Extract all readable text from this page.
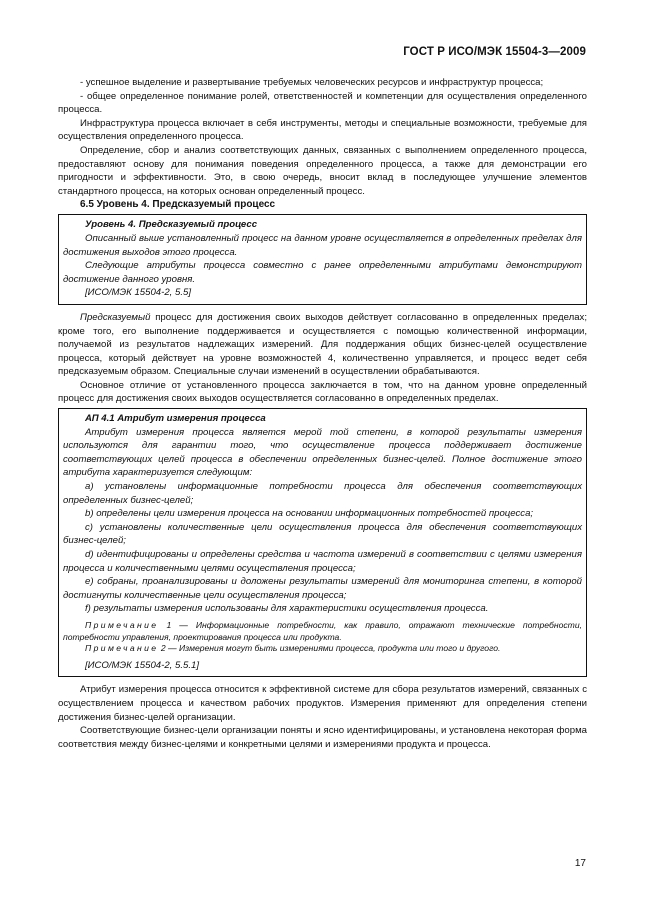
ГОСТ Р ИСО/МЭК 15504-3—2009

- успешное выделение и развертывание требуемых человеческих ресурсов и инфраструктур процесса;

- общее определенное понимание ролей, ответственностей и компетенции для осуществления определенного процесса.

Инфраструктура процесса включает в себя инструменты, методы и специальные возможности, требуемые для осуществления определенного процесса.

Определение, сбор и анализ соответствующих данных, связанных с выполнением определенного процесса, предоставляют основу для понимания поведения определенного процесса, а также для демонстрации его пригодности и эффективности. Это, в свою очередь, вносит вклад в последующее улучшение элементов стандартного процесса, на которых основан определенный процесс.

6.5 Уровень 4. Предсказуемый процесс

Уровень 4. Предсказуемый процесс

Описанный выше установленный процесс на данном уровне осуществляется в определенных пределах для достижения выходов этого процесса.

Следующие атрибуты процесса совместно с ранее определенными атрибутами демонстрируют достижение данного уровня.

[ИСО/МЭК 15504-2, 5.5]

Предсказуемый процесс для достижения своих выходов действует согласованно в определенных пределах; кроме того, его выполнение поддерживается и осуществляется с помощью количественной информации, получаемой из результатов надлежащих измерений. Для поддержания общих бизнес-целей осуществление процесса, который действует на уровне возможностей 4, количественно управляется, и процесс ведет себя предсказуемым образом. Специальные случаи изменений в осуществлении обрабатываются.

Основное отличие от установленного процесса заключается в том, что на данном уровне определенный процесс для достижения своих выходов осуществляется согласованно в определенных пределах.

АП 4.1 Атрибут измерения процесса

Атрибут измерения процесса является мерой той степени, в которой результаты измерения используются для гарантии того, что осуществление процесса поддерживает достижение соответствующих целей процесса в обеспечении определенных бизнес-целей. Полное достижение этого атрибута характеризуется следующим:

a) установлены информационные потребности процесса для обеспечения соответствующих определенных бизнес-целей;

b) определены цели измерения процесса на основании информационных потребностей процесса;

c) установлены количественные цели осуществления процесса для обеспечения соответствующих бизнес-целей;

d) идентифицированы и определены средства и частота измерений в соответствии с целями измерения процесса и количественными целями осуществления процесса;

e) собраны, проанализированы и доложены результаты измерений для мониторинга степени, в которой достигнуты количественные цели осуществления процесса;

f) результаты измерения использованы для характеристики осуществления процесса.

Примечание 1 — Информационные потребности, как правило, отражают технические потребности, потребности управления, проектирования процесса или продукта.

Примечание 2 — Измерения могут быть измерениями процесса, продукта или того и другого.

[ИСО/МЭК 15504-2, 5.5.1]

Атрибут измерения процесса относится к эффективной системе для сбора результатов измерений, связанных с осуществлением процесса и качеством рабочих продуктов. Измерения применяют для определения степени достижения бизнес-целей организации.

Соответствующие бизнес-цели организации поняты и ясно идентифицированы, и установлена некоторая форма соответствия между бизнес-целями и конкретными целями и измерениями продукта и процесса.

17
